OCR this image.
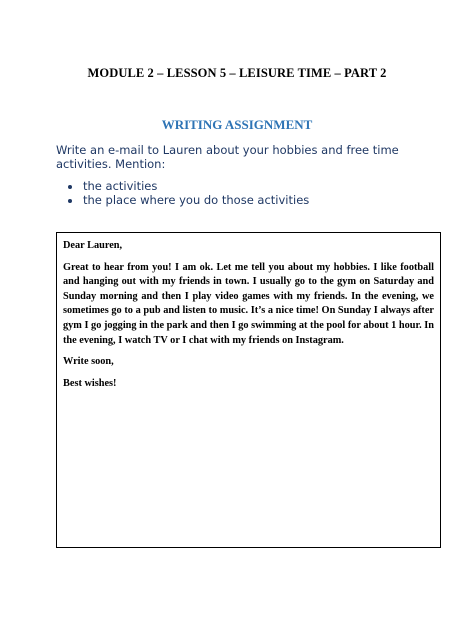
MODULE 2 – LESSON 5 – LEISURE TIME – PART 2
WRITING ASSIGNMENT
Write an e-mail to Lauren about your hobbies and free time activities. Mention:
the activities
the place where you do those activities

Dear Lauren,

Great to hear from you! I am ok. Let me tell you about my hobbies. I like football and hanging out with my friends in town. I usually go to the gym on Saturday and Sunday morning and then I play video games with my friends. In the evening, we sometimes go to a pub and listen to music. It’s a nice time! On Sunday I always after gym I go jogging in the park and then I go swimming at the pool for about 1 hour. In the evening, I watch TV or I chat with my friends on Instagram.

Write soon,

Best wishes!
